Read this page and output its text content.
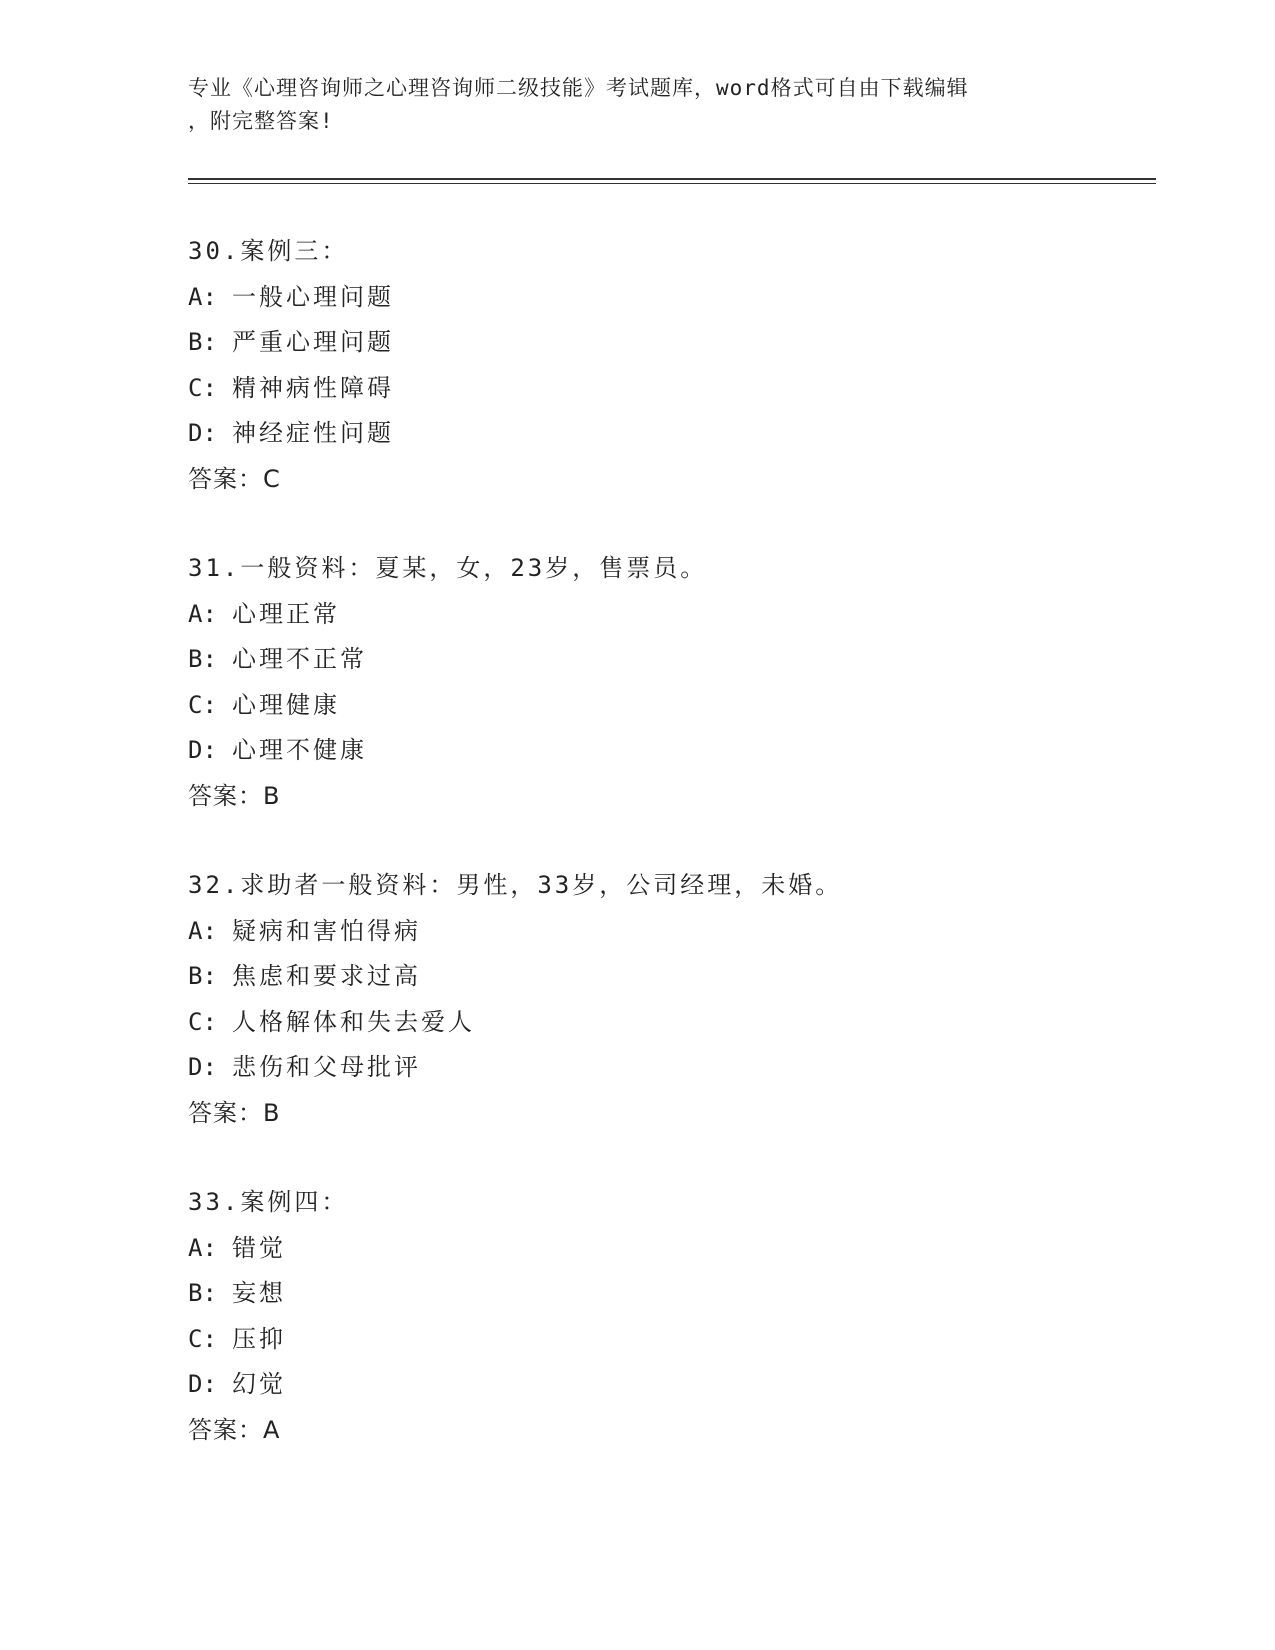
专业《心理咨询师之心理咨询师二级技能》考试题库，word格式可自由下载编辑
，附完整答案!
30.案例三：
A: 一般心理问题
B: 严重心理问题
C: 精神病性障碍
D: 神经症性问题
答案：C
31.一般资料：夏某，女，23岁，售票员。
A: 心理正常
B: 心理不正常
C: 心理健康
D: 心理不健康
答案：B
32.求助者一般资料：男性，33岁，公司经理，未婚。
A: 疑病和害怕得病
B: 焦虑和要求过高
C: 人格解体和失去爱人
D: 悲伤和父母批评
答案：B
33.案例四：
A: 错觉
B: 妄想
C: 压抑
D: 幻觉
答案：A
